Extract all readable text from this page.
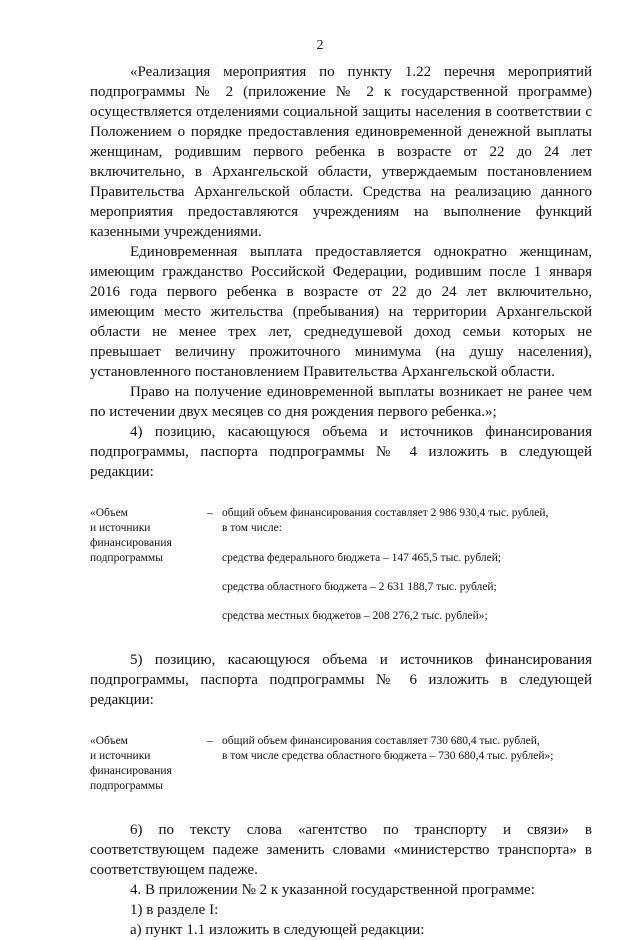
2

«Реализация мероприятия по пункту 1.22 перечня мероприятий подпрограммы № 2 (приложение № 2 к государственной программе) осуществляется отделениями социальной защиты населения в соответствии с Положением о порядке предоставления единовременной денежной выплаты женщинам, родившим первого ребенка в возрасте от 22 до 24 лет включительно, в Архангельской области, утверждаемым постановлением Правительства Архангельской области. Средства на реализацию данного мероприятия предоставляются учреждениям на выполнение функций казенными учреждениями.

Единовременная выплата предоставляется однократно женщинам, имеющим гражданство Российской Федерации, родившим после 1 января 2016 года первого ребенка в возрасте от 22 до 24 лет включительно, имеющим место жительства (пребывания) на территории Архангельской области не менее трех лет, среднедушевой доход семьи которых не превышает величину прожиточного минимума (на душу населения), установленного постановлением Правительства Архангельской области.

Право на получение единовременной выплаты возникает не ранее чем по истечении двух месяцев со дня рождения первого ребенка.»;

4) позицию, касающуюся объема и источников финансирования подпрограммы, паспорта подпрограммы № 4 изложить в следующей редакции:

«Объем
и источники
финансирования
подпрограммы
– общий объем финансирования составляет 2 986 930,4 тыс. рублей,
в том числе:
средства федерального бюджета – 147 465,5 тыс. рублей;
средства областного бюджета – 2 631 188,7 тыс. рублей;
средства местных бюджетов – 208 276,2 тыс. рублей»;

5) позицию, касающуюся объема и источников финансирования подпрограммы, паспорта подпрограммы № 6 изложить в следующей редакции:

«Объем
и источники
финансирования
подпрограммы
– общий объем финансирования составляет 730 680,4 тыс. рублей,
в том числе средства областного бюджета – 730 680,4 тыс. рублей»;

6) по тексту слова «агентство по транспорту и связи» в соответствующем падеже заменить словами «министерство транспорта» в соответствующем падеже.

4. В приложении № 2 к указанной государственной программе:

1) в разделе I:

а) пункт 1.1 изложить в следующей редакции:
